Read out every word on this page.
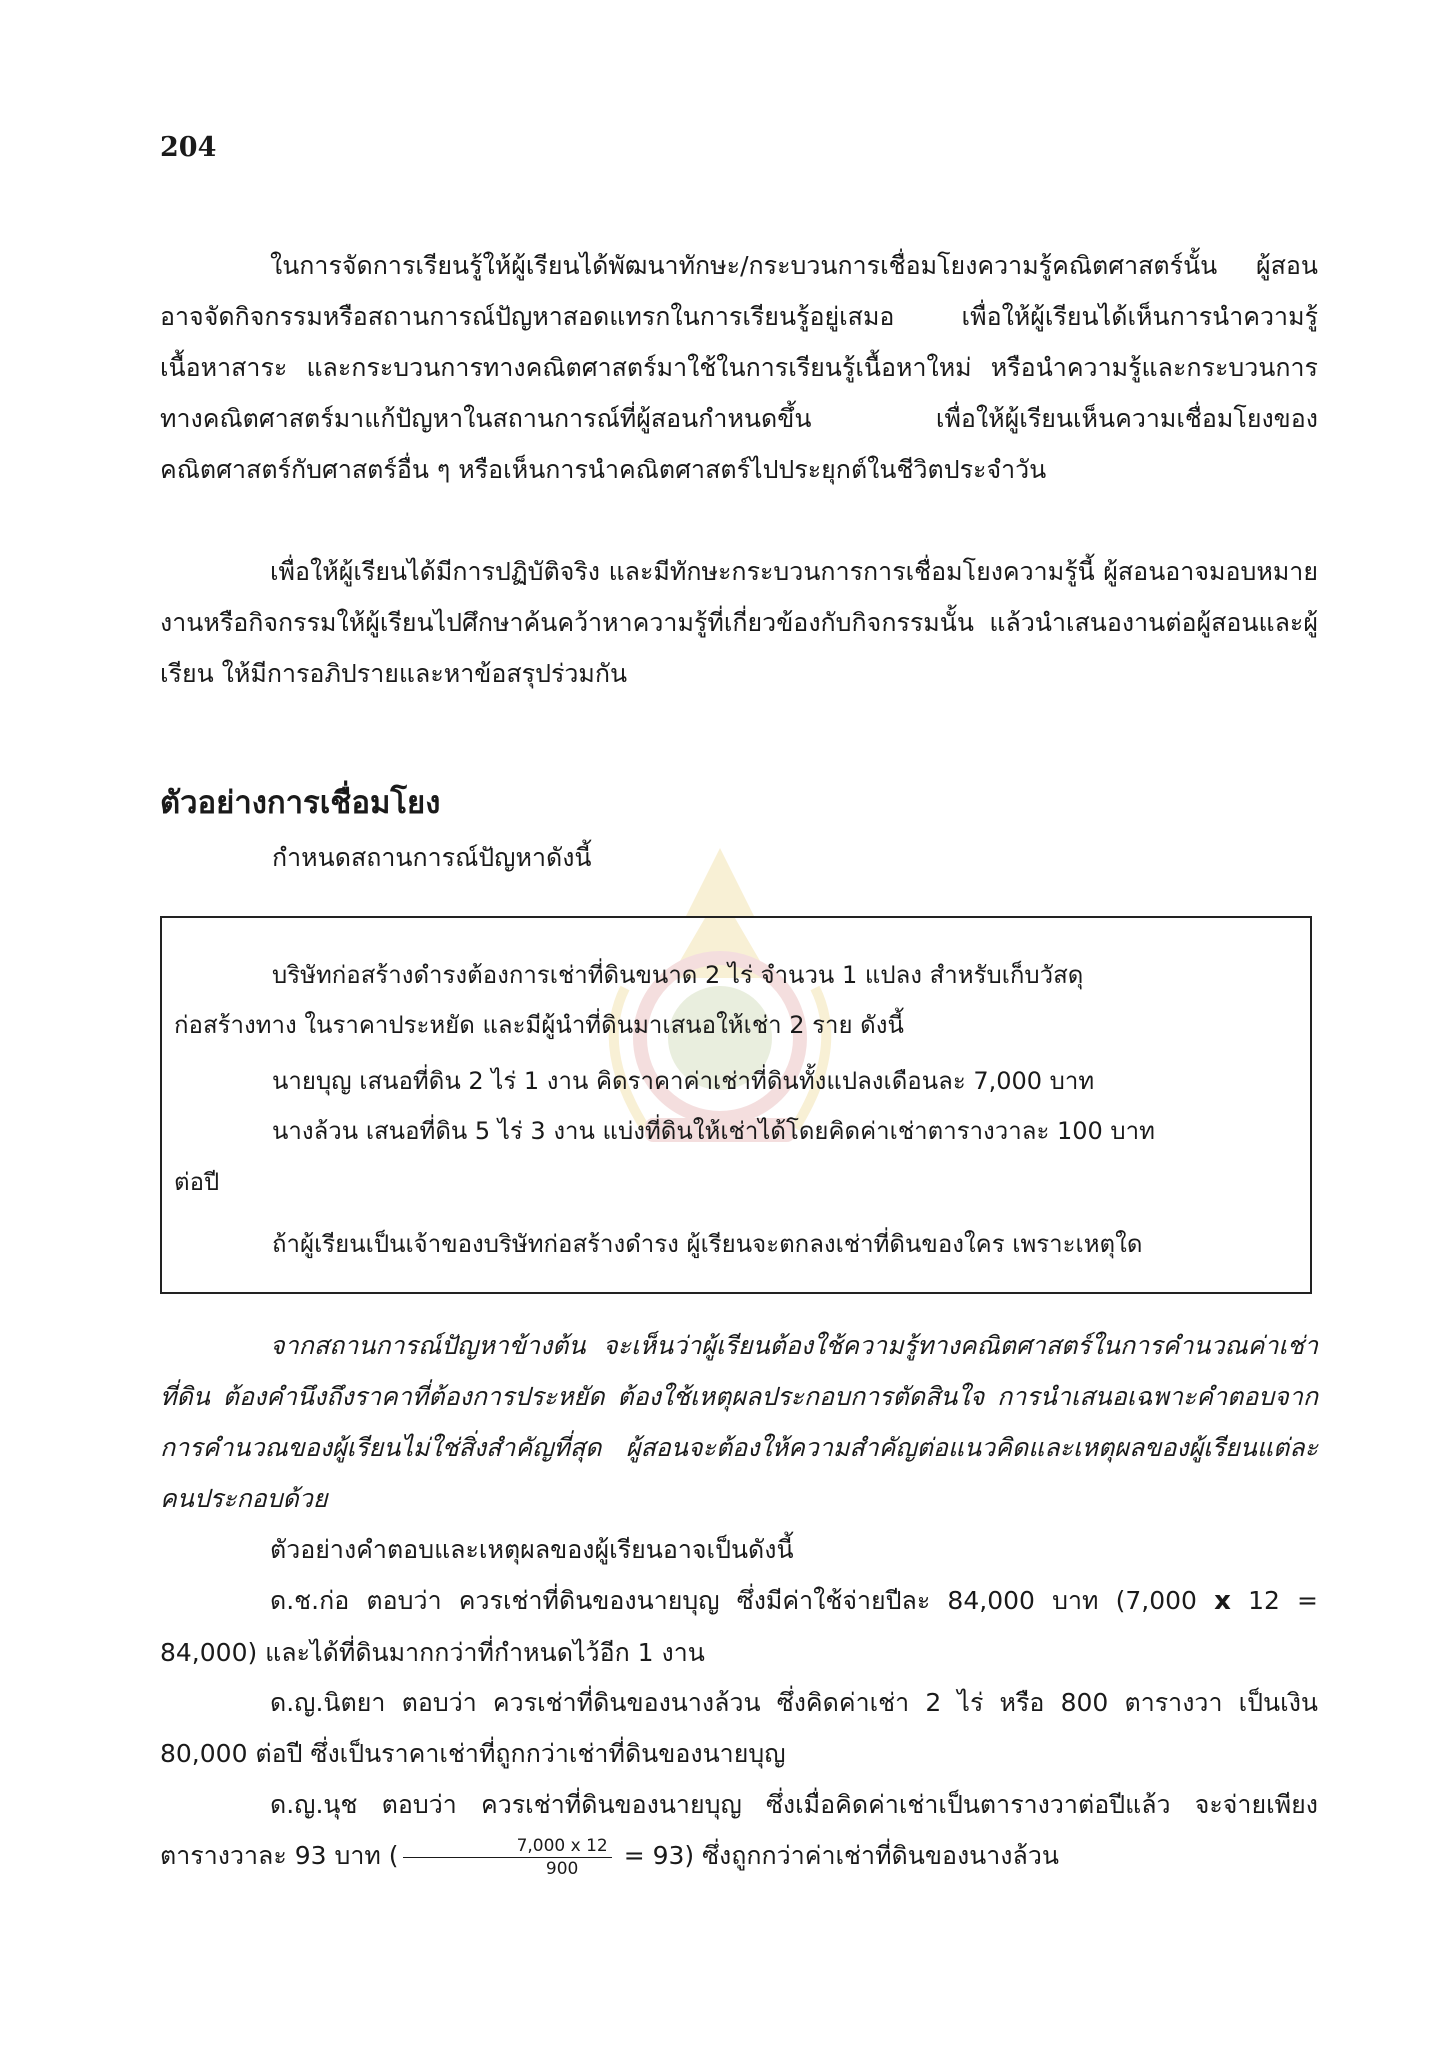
204

ในการจัดการเรียนรู้ให้ผู้เรียนได้พัฒนาทักษะ/กระบวนการเชื่อมโยงความรู้คณิตศาสตร์นั้น ผู้สอนอาจจัดกิจกรรมหรือสถานการณ์ปัญหาสอดแทรกในการเรียนรู้อยู่เสมอ เพื่อให้ผู้เรียนได้เห็นการนำความรู้ เนื้อหาสาระ และกระบวนการทางคณิตศาสตร์มาใช้ในการเรียนรู้เนื้อหาใหม่ หรือนำความรู้และกระบวนการทางคณิตศาสตร์มาแก้ปัญหาในสถานการณ์ที่ผู้สอนกำหนดขึ้น เพื่อให้ผู้เรียนเห็นความเชื่อมโยงของคณิตศาสตร์กับศาสตร์อื่น ๆ หรือเห็นการนำคณิตศาสตร์ไปประยุกต์ในชีวิตประจำวัน

เพื่อให้ผู้เรียนได้มีการปฏิบัติจริง และมีทักษะกระบวนการการเชื่อมโยงความรู้นี้ ผู้สอนอาจมอบหมายงานหรือกิจกรรมให้ผู้เรียนไปศึกษาค้นคว้าหาความรู้ที่เกี่ยวข้องกับกิจกรรมนั้น แล้วนำเสนองานต่อผู้สอนและผู้เรียน ให้มีการอภิปรายและหาข้อสรุปร่วมกัน

ตัวอย่างการเชื่อมโยง

กำหนดสถานการณ์ปัญหาดังนี้

บริษัทก่อสร้างดำรงต้องการเช่าที่ดินขนาด 2 ไร่ จำนวน 1 แปลง สำหรับเก็บวัสดุ

ก่อสร้างทาง ในราคาประหยัด และมีผู้นำที่ดินมาเสนอให้เช่า 2 ราย ดังนี้

นายบุญ เสนอที่ดิน 2 ไร่ 1 งาน คิดราคาค่าเช่าที่ดินทั้งแปลงเดือนละ 7,000 บาท

นางล้วน เสนอที่ดิน 5 ไร่ 3 งาน แบ่งที่ดินให้เช่าได้โดยคิดค่าเช่าตารางวาละ 100 บาท

ต่อปี

ถ้าผู้เรียนเป็นเจ้าของบริษัทก่อสร้างดำรง ผู้เรียนจะตกลงเช่าที่ดินของใคร เพราะเหตุใด

จากสถานการณ์ปัญหาข้างต้น จะเห็นว่าผู้เรียนต้องใช้ความรู้ทางคณิตศาสตร์ในการคำนวณค่าเช่าที่ดิน ต้องคำนึงถึงราคาที่ต้องการประหยัด ต้องใช้เหตุผลประกอบการตัดสินใจ การนำเสนอเฉพาะคำตอบจากการคำนวณของผู้เรียนไม่ใช่สิ่งสำคัญที่สุด ผู้สอนจะต้องให้ความสำคัญต่อแนวคิดและเหตุผลของผู้เรียนแต่ละคนประกอบด้วย

ตัวอย่างคำตอบและเหตุผลของผู้เรียนอาจเป็นดังนี้

ด.ช.ก่อ ตอบว่า ควรเช่าที่ดินของนายบุญ ซึ่งมีค่าใช้จ่ายปีละ 84,000 บาท (7,000 x 12 = 84,000) และได้ที่ดินมากกว่าที่กำหนดไว้อีก 1 งาน

ด.ญ.นิตยา ตอบว่า ควรเช่าที่ดินของนางล้วน ซึ่งคิดค่าเช่า 2 ไร่ หรือ 800 ตารางวา เป็นเงิน 80,000 ต่อปี ซึ่งเป็นราคาเช่าที่ถูกกว่าเช่าที่ดินของนายบุญ

ด.ญ.นุช ตอบว่า ควรเช่าที่ดินของนายบุญ ซึ่งเมื่อคิดค่าเช่าเป็นตารางวาต่อปีแล้ว จะจ่ายเพียงตารางวาละ 93 บาท ( $\frac{7,000 x 12}{900} = 93$) ซึ่งถูกกว่าค่าเช่าที่ดินของนางล้วน
